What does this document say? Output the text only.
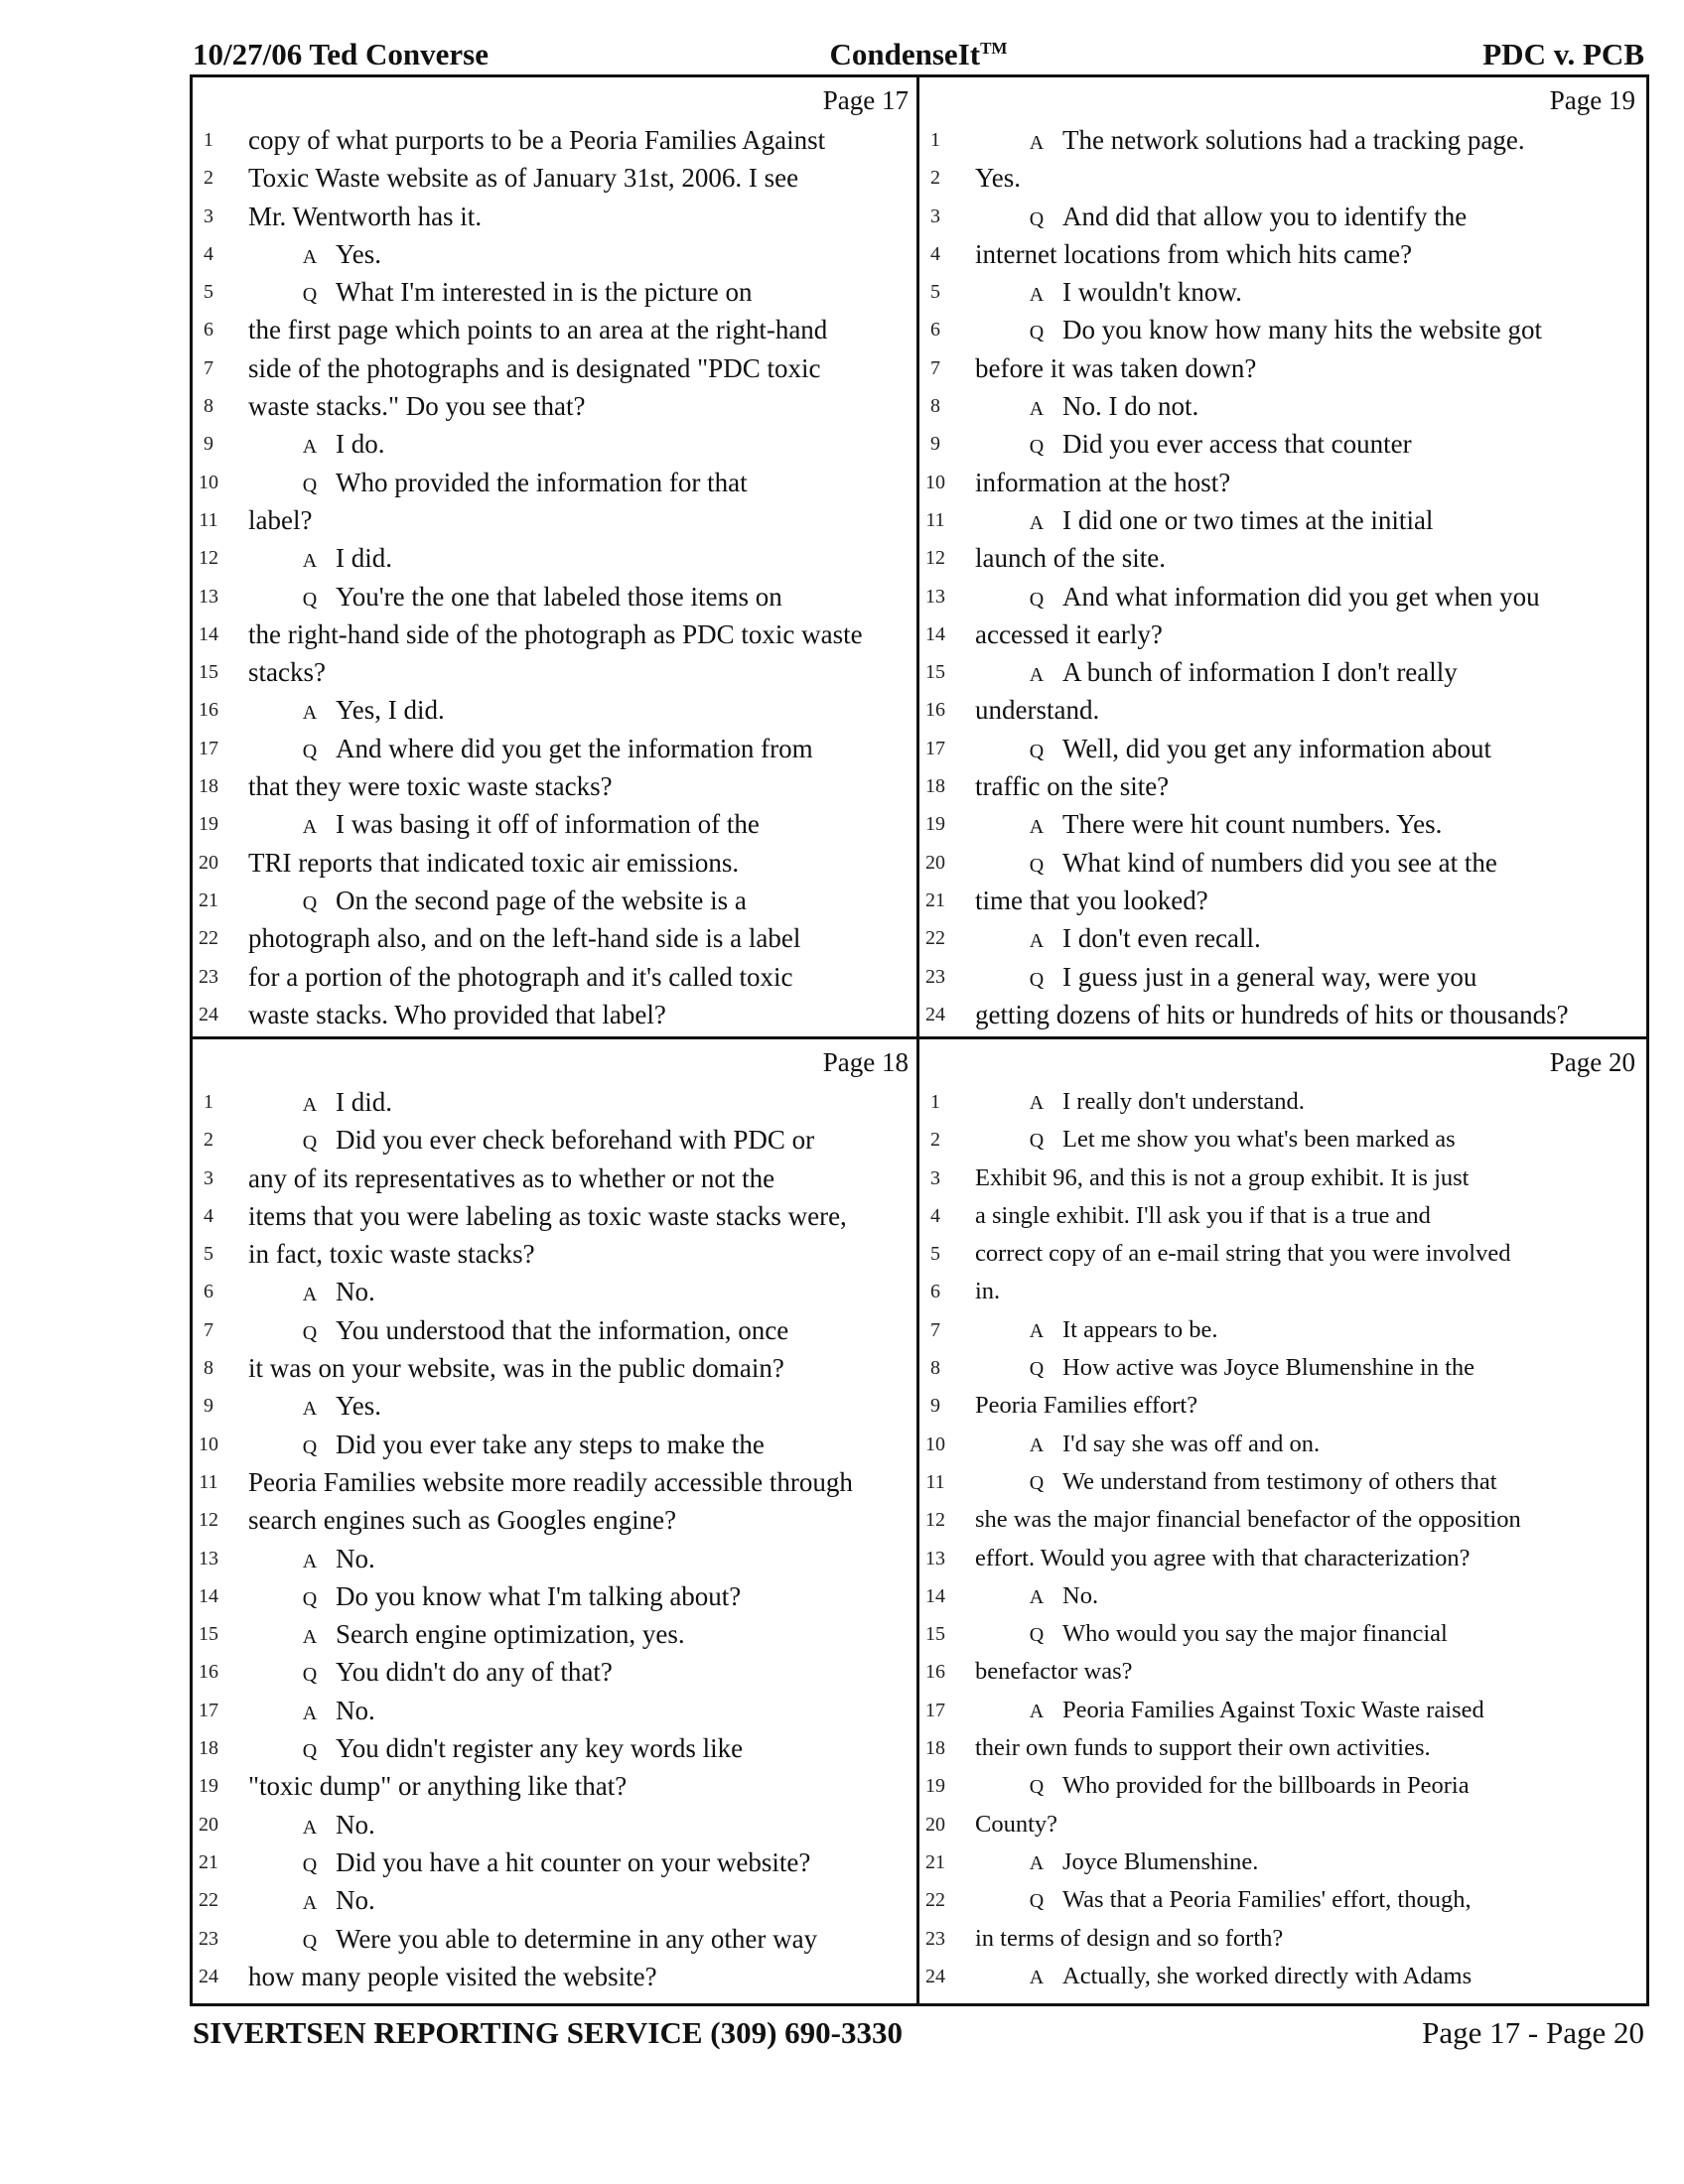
10/27/06 Ted Converse	CondenseIt™	PDC v. PCB
Page 17
1	copy of what purports to be a Peoria Families Against
2	Toxic Waste website as of January 31st, 2006. I see
3	Mr. Wentworth has it.
4	A Yes.
5	Q What I'm interested in is the picture on
6	the first page which points to an area at the right-hand
7	side of the photographs and is designated "PDC toxic
8	waste stacks." Do you see that?
9	A I do.
10	Q Who provided the information for that
11 label?
12	A I did.
13	Q You're the one that labeled those items on
14 the right-hand side of the photograph as PDC toxic waste
15 stacks?
16	A Yes, I did.
17	Q And where did you get the information from
18 that they were toxic waste stacks?
19	A I was basing it off of information of the
20 TRI reports that indicated toxic air emissions.
21	Q On the second page of the website is a
22 photograph also, and on the left-hand side is a label
23 for a portion of the photograph and it's called toxic
24 waste stacks. Who provided that label?
Page 19
1	A The network solutions had a tracking page.
2	Yes.
3	Q And did that allow you to identify the
4	internet locations from which hits came?
5	A I wouldn't know.
6	Q Do you know how many hits the website got
7	before it was taken down?
8	A No. I do not.
9	Q Did you ever access that counter
10 information at the host?
11	A I did one or two times at the initial
12 launch of the site.
13	Q And what information did you get when you
14 accessed it early?
15	A A bunch of information I don't really
16 understand.
17	Q Well, did you get any information about
18 traffic on the site?
19	A There were hit count numbers. Yes.
20	Q What kind of numbers did you see at the
21 time that you looked?
22	A I don't even recall.
23	Q I guess just in a general way, were you
24 getting dozens of hits or hundreds of hits or thousands?
Page 18
1	A I did.
2	Q Did you ever check beforehand with PDC or
3	any of its representatives as to whether or not the
4	items that you were labeling as toxic waste stacks were,
5	in fact, toxic waste stacks?
6	A No.
7	Q You understood that the information, once
8	it was on your website, was in the public domain?
9	A Yes.
10	Q Did you ever take any steps to make the
11 Peoria Families website more readily accessible through
12 search engines such as Googles engine?
13	A No.
14	Q Do you know what I'm talking about?
15	A Search engine optimization, yes.
16	Q You didn't do any of that?
17	A No.
18	Q You didn't register any key words like
19 "toxic dump" or anything like that?
20	A No.
21	Q Did you have a hit counter on your website?
22	A No.
23	Q Were you able to determine in any other way
24 how many people visited the website?
Page 20
1	A I really don't understand.
2	Q Let me show you what's been marked as
3	Exhibit 96, and this is not a group exhibit. It is just
4	a single exhibit. I'll ask you if that is a true and
5	correct copy of an e-mail string that you were involved
6	in.
7	A It appears to be.
8	Q How active was Joyce Blumenshine in the
9	Peoria Families effort?
10	A I'd say she was off and on.
11	Q We understand from testimony of others that
12 she was the major financial benefactor of the opposition
13 effort. Would you agree with that characterization?
14	A No.
15	Q Who would you say the major financial
16 benefactor was?
17	A Peoria Families Against Toxic Waste raised
18 their own funds to support their own activities.
19	Q Who provided for the billboards in Peoria
20 County?
21	A Joyce Blumenshine.
22	Q Was that a Peoria Families' effort, though,
23 in terms of design and so forth?
24	A Actually, she worked directly with Adams
SIVERTSEN REPORTING SERVICE (309) 690-3330	Page 17 - Page 20
